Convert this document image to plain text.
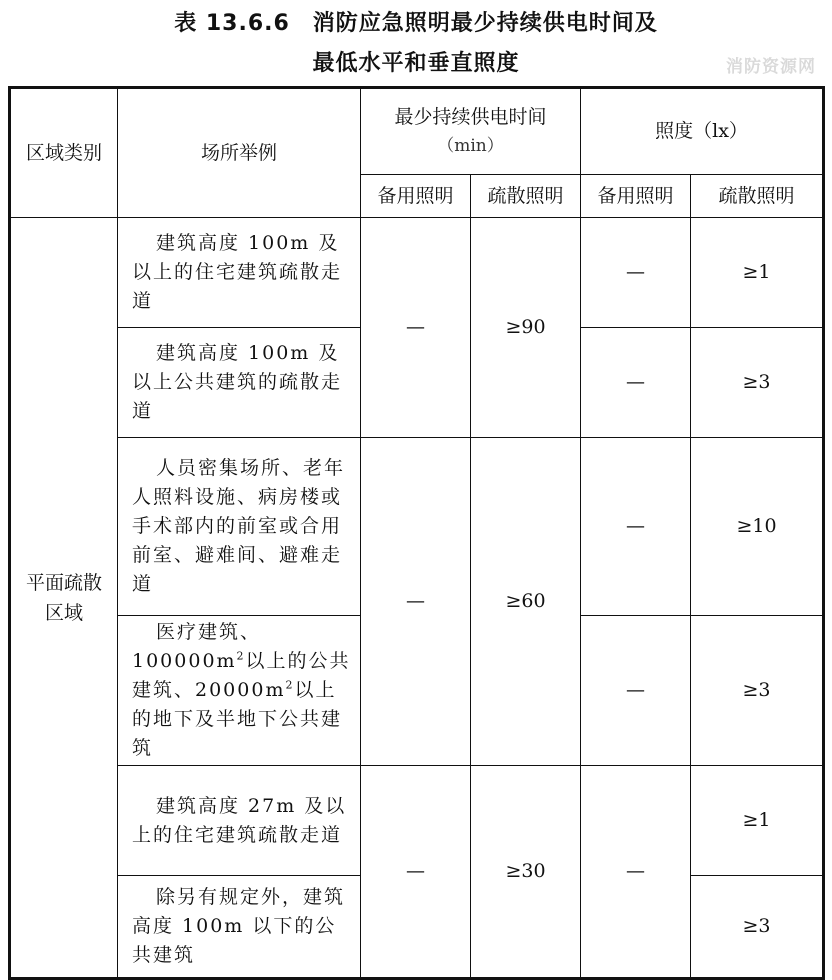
表 13.6.6　消防应急照明最少持续供电时间及
最低水平和垂直照度	消防资源网
区域类别	场所举例	最少持续供电时间
（min）		照度（lx）	
		备用照明	疏散照明	备用照明	疏散照明

平面疏散区域	建筑高度 100m 及以上的住宅建筑疏散走道	—	≥90	—	≥1
	建筑高度 100m 及以上公共建筑的疏散走道			—	≥3
	人员密集场所、老年人照料设施、病房楼或手术部内的前室或合用前室、避难间、避难走道	—	≥60	—	≥10
	医疗建筑、$100000m^2$以上的公共建筑、$20000m^2$以上的地下及半地下公共建筑			—	≥3
	建筑高度 27m 及以上的住宅建筑疏散走道	—	≥30	—	≥1
	除另有规定外，建筑高度 100m 以下的公共建筑				≥3
